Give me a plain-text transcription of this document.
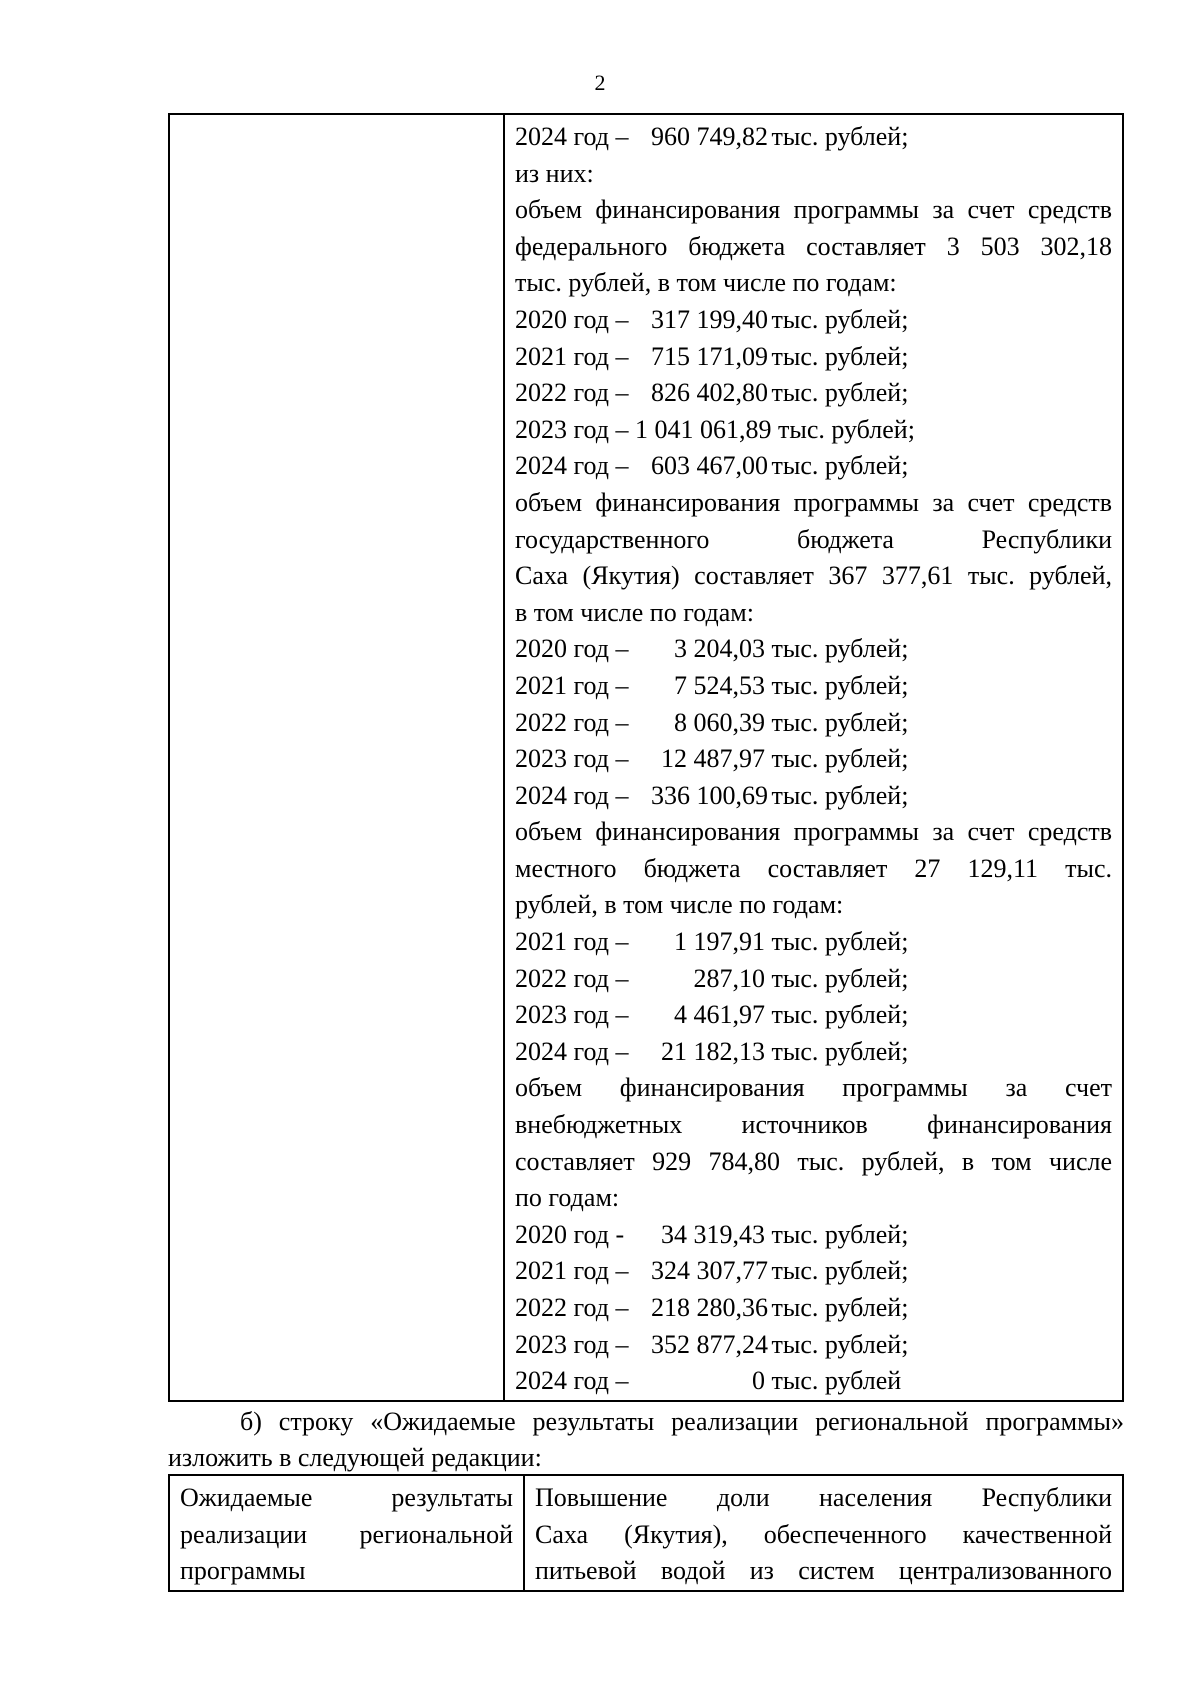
2

2024 год – 960 749,82 тыс. рублей;
из них:
объем финансирования программы за счет средств
федерального бюджета составляет 3 503 302,18
тыс. рублей, в том числе по годам:
2020 год – 317 199,40 тыс. рублей;
2021 год – 715 171,09 тыс. рублей;
2022 год – 826 402,80 тыс. рублей;
2023 год – 1 041 061,89 тыс. рублей;
2024 год – 603 467,00 тыс. рублей;
объем финансирования программы за счет средств
государственного бюджета Республики
Саха (Якутия) составляет 367 377,61 тыс. рублей,
в том числе по годам:
2020 год – 3 204,03 тыс. рублей;
2021 год – 7 524,53 тыс. рублей;
2022 год – 8 060,39 тыс. рублей;
2023 год – 12 487,97 тыс. рублей;
2024 год – 336 100,69 тыс. рублей;
объем финансирования программы за счет средств
местного бюджета составляет 27 129,11 тыс.
рублей, в том числе по годам:
2021 год – 1 197,91 тыс. рублей;
2022 год –	287,10 тыс. рублей;
2023 год – 4 461,97 тыс. рублей;
2024 год – 21 182,13 тыс. рублей;
объем финансирования программы за счет
внебюджетных источников финансирования
составляет 929 784,80 тыс. рублей, в том числе
по годам:
2020 год - 34 319,43 тыс. рублей;
2021 год – 324 307,77 тыс. рублей;
2022 год – 218 280,36 тыс. рублей;
2023 год – 352 877,24 тыс. рублей;
2024 год –	0 тыс. рублей
б) строку «Ожидаемые результаты реализации региональной программы»
изложить в следующей редакции:
Ожидаемые результаты
реализации региональной
программы

Повышение доли населения Республики
Саха (Якутия), обеспеченного качественной
питьевой водой из систем централизованного
